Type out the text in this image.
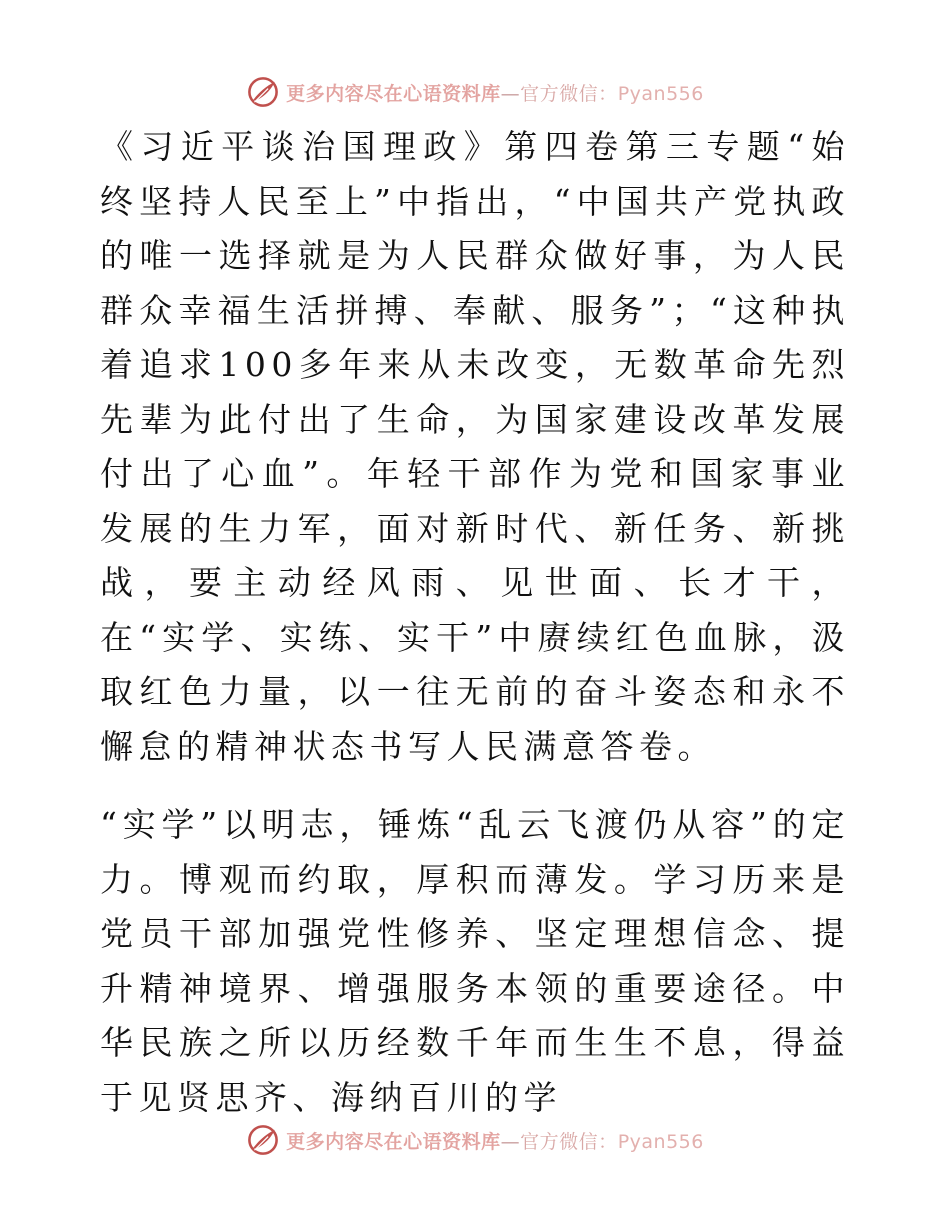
更多内容尽在心语资料库—官方微信：Pyan556

《习近平谈治国理政》第四卷第三专题“始终坚持人民至上”中指出，“中国共产党执政的唯一选择就是为人民群众做好事，为人民群众幸福生活拼搏、奉献、服务”；“这种执着追求100多年来从未改变，无数革命先烈先辈为此付出了生命，为国家建设改革发展付出了心血”。年轻干部作为党和国家事业发展的生力军，面对新时代、新任务、新挑战，要主动经风雨、见世面、长才干，在“实学、实练、实干”中赓续红色血脉，汲取红色力量，以一往无前的奋斗姿态和永不懈怠的精神状态书写人民满意答卷。

“实学”以明志，锤炼“乱云飞渡仍从容”的定力。博观而约取，厚积而薄发。学习历来是党员干部加强党性修养、坚定理想信念、提升精神境界、增强服务本领的重要途径。中华民族之所以历经数千年而生生不息，得益于见贤思齐、海纳百川的学

更多内容尽在心语资料库—官方微信：Pyan556
